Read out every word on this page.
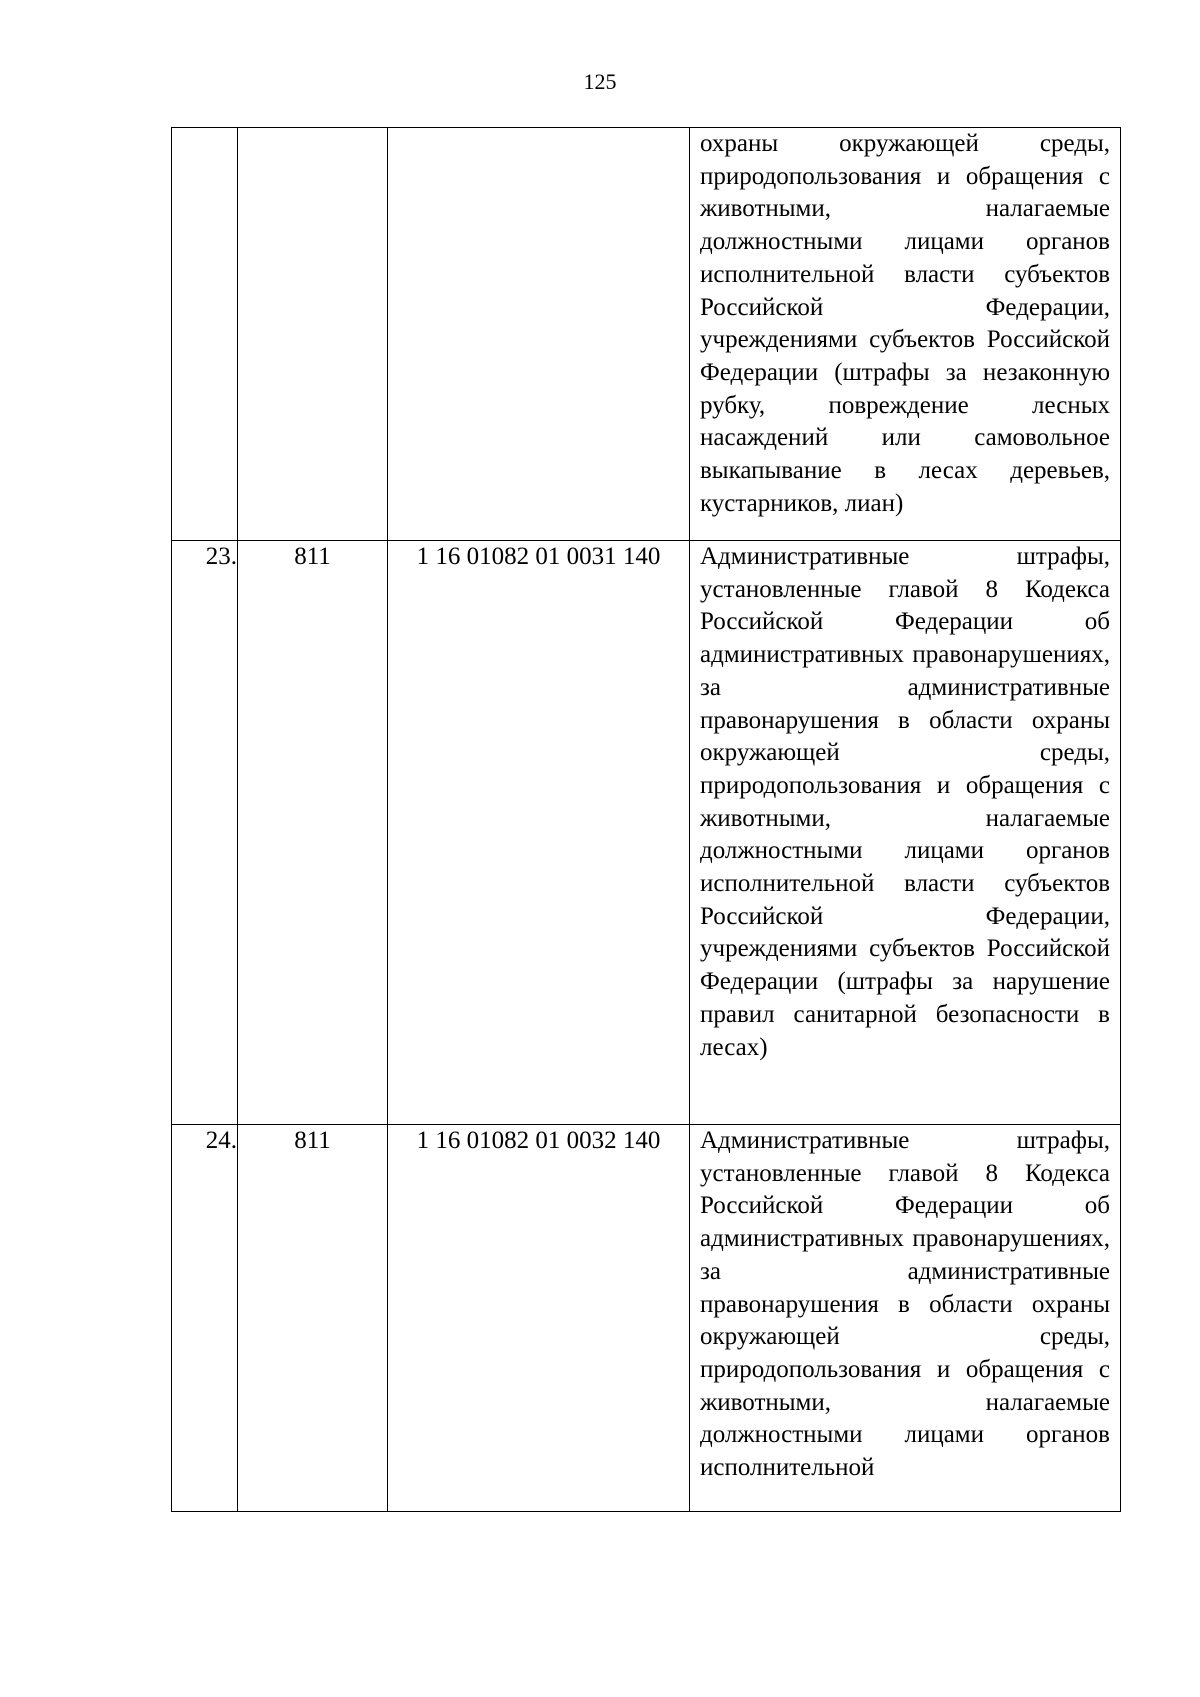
125

			охраны окружающей среды, природопользования и обращения с животными, налагаемые должностными лицами органов исполнительной власти субъектов Российской Федерации, учреждениями субъектов Российской Федерации (штрафы за незаконную рубку, повреждение лесных насаждений или самовольное выкапывание в лесах деревьев, кустарников, лиан)

23.	811	1 16 01082 01 0031 140	Административные штрафы, установленные главой 8 Кодекса Российской Федерации об административных правонарушениях, за административные правонарушения в области охраны окружающей среды, природопользования и обращения с животными, налагаемые должностными лицами органов исполнительной власти субъектов Российской Федерации, учреждениями субъектов Российской Федерации (штрафы за нарушение правил санитарной безопасности в лесах)

24.	811	1 16 01082 01 0032 140	Административные штрафы, установленные главой 8 Кодекса Российской Федерации об административных правонарушениях, за административные правонарушения в области охраны окружающей среды, природопользования и обращения с животными, налагаемые должностными лицами органов исполнительной
